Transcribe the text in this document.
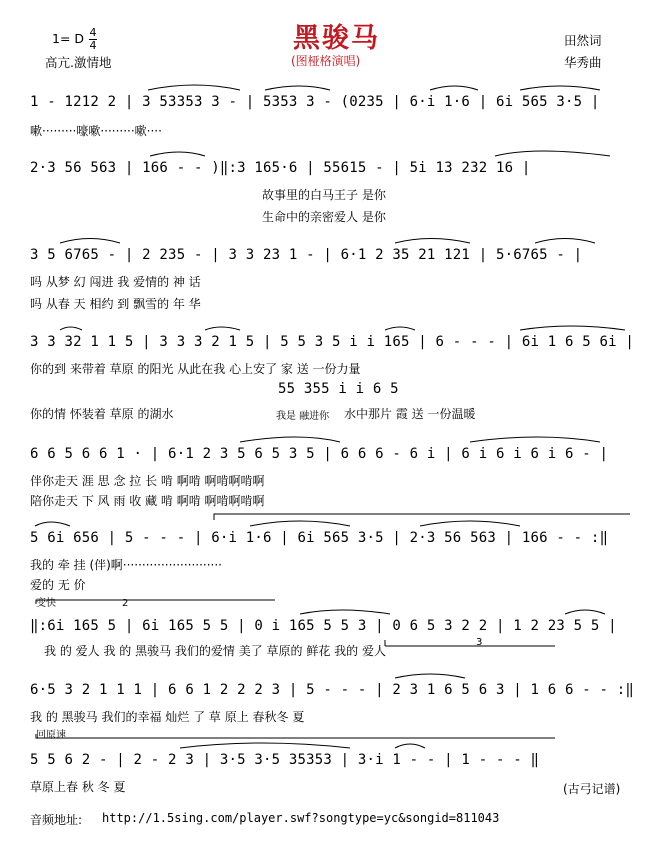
黑骏马
(图桠格演唱)
1= D 4
4
高亢.激情地
田然词
华秀曲
1 - 1212 2 | 3 53353 3 - | 5353 3 - (0235 | 6·i 1·6 | 6i 565 3·5 |
嗽·········嚎嗽·········嗽····
2·3 56 563 | 166 - - )‖:3 165·6 | 55615 - | 5i 13 232 16 |
故事里的白马王子 是你
生命中的亲密爱人 是你
3 5 6765 - | 2 235 - | 3 3 23 1 - | 6·1 2 35 21 121 | 5·6765 - |
吗 从梦 幻 闯进 我 爱情的 神 话
吗 从春 天 相约 到 飘雪的 年 华
3 3 32 1 1 5 | 3 3 3 2 1 5 | 5 5 3 5 i i 165 | 6 - - - | 6i 1 6 5 6i |
你的到 来带着 草原 的阳光 从此在我 心上安了 家 送 一份力量
55 355 i i 6 5
你的情 怀装着 草原 的湖水	我是 融进你 水中那片 霞 送 一份温暖
6 6 5 6 6 1 · | 6·1 2 3 5 6 5 3 5 | 6 6 6 - 6 i | 6 i 6 i 6 i 6 - |
伴你走天 涯 思 念 拉 长 啃 啊啃 啊啃啊啃啊
陪你走天 下 风 雨 收 藏 啃 啊啃 啊啃啊啃啊
5 6i 656 | 5 - - - | 6·i 1·6 | 6i 565 3·5 | 2·3 56 563 | 166 - - :‖
我的 牵 挂 (伴)啊··························
爱的 无 价
变快	2
3
‖:6i 165 5 | 6i 165 5 5 | 0 i 165 5 5 3 | 0 6 5 3 2 2 | 1 2 23 5 5 |
我 的 爱人 我 的 黑骏马 我们的爱情 美了 草原的 鲜花 我的 爱人
6·5 3 2 1 1 1 | 6 6 1 2 2 2 3 | 5 - - - | 2 3 1 6 5 6 3 | 1 6 6 - - :‖
我 的 黑骏马 我们的幸福 灿烂 了 草 原上 春秋冬 夏
回原速
5 5 6 2 - | 2 - 2 3 | 3·5 3·5 35353 | 3·i 1 - - | 1 - - - ‖
草原上春 秋 冬 夏	(古弓记谱)
音频地址: http://1.5sing.com/player.swf?songtype=yc&songid=811043
